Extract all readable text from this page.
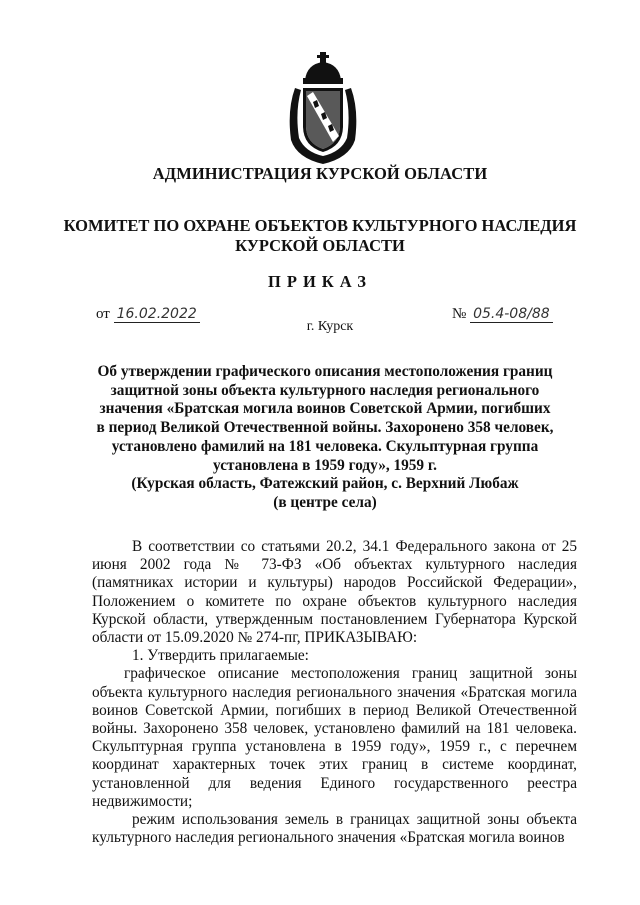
АДМИНИСТРАЦИЯ КУРСКОЙ ОБЛАСТИ
КОМИТЕТ ПО ОХРАНЕ ОБЪЕКТОВ КУЛЬТУРНОГО НАСЛЕДИЯ
КУРСКОЙ ОБЛАСТИ
ПРИКАЗ
от 16.02.2022	№ 05.4-08/88
г. Курск
Об утверждении графического описания местоположения границ
защитной зоны объекта культурного наследия регионального
значения «Братская могила воинов Советской Армии, погибших
в период Великой Отечественной войны. Захоронено 358 человек,
установлено фамилий на 181 человека. Скульптурная группа
установлена в 1959 году», 1959 г.
(Курская область, Фатежский район, с. Верхний Любаж
(в центре села)

В соответствии со статьями 20.2, 34.1 Федерального закона от 25 июня 2002 года № 73-ФЗ «Об объектах культурного наследия (памятниках истории и культуры) народов Российской Федерации», Положением о комитете по охране объектов культурного наследия Курской области, утвержденным постановлением Губернатора Курской области от 15.09.2020 № 274-пг, ПРИКАЗЫВАЮ:

1. Утвердить прилагаемые:

графическое описание местоположения границ защитной зоны объекта культурного наследия регионального значения «Братская могила воинов Советской Армии, погибших в период Великой Отечественной войны. Захоронено 358 человек, установлено фамилий на 181 человека. Скульптурная группа установлена в 1959 году», 1959 г., с перечнем координат характерных точек этих границ в системе координат, установленной для ведения Единого государственного реестра недвижимости;

режим использования земель в границах защитной зоны объекта культурного наследия регионального значения «Братская могила воинов
